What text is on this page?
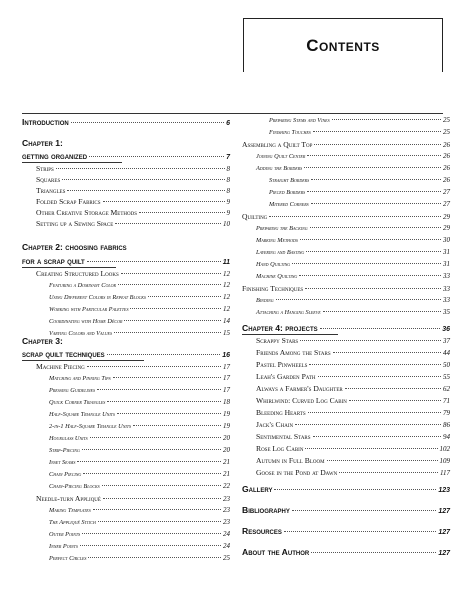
Contents
Introduction	6
Chapter 1:
getting organized	7
Strips	8
Squares	8
Triangles	8
Folded Scrap Fabrics	9
Other Creative Storage Methods	9
Setting up a Sewing Space	10
Chapter 2: choosing fabrics
for a scrap quilt	11
Creating Structured Looks	12
Featuring a Dominant Color	12
Using Different Colors in Repeat Blocks	12
Working with Particular Palettes	12
Coordinating with Home Décor	14
Varying Colors and Values	15
Chapter 3:
scrap quilt techniques	16
Machine Piecing	17
Matching and Pinning Tips	17
Pressing Guidelines	17
Quick Corner Triangles	18
Half-Square Triangle Units	19
2-in-1 Half-Square Triangle Units	19
Hourglass Units	20
Strip-Piecing	20
Inset Seams	21
Chain Piecing	21
Chain-Piecing Blocks	22
Needle-turn Appliqué	23
Making Templates	23
The Appliqué Stitch	23
Outer Points	24
Inner Points	24
Perfect Circles	25
Preparing Stems and Vines	25
Finishing Touches	25
Assembling a Quilt Top	26
Joining Quilt Center	26
Adding the Borders	26
Straight Borders	26
Pieced Borders	27
Mitered Corners	27
Quilting	29
Preparing the Backing	29
Marking Methods	30
Layering and Basting	31
Hand Quilting	31
Machine Quilting	33
Finishing Techniques	33
Binding	33
Attaching a Hanging Sleeve	35
Chapter 4: projects	36
Scrappy Stars	37
Friends Among the Stars	44
Pastel Pinwheels	50
Leah's Garden Path	55
Always a Farmer's Daughter	62
Whirlwind: Curved Log Cabin	71
Bleeding Hearts	79
Jack's Chain	86
Sentimental Stars	94
Rose Log Cabin	102
Autumn in Full Bloom	109
Goose in the Pond at Dawn	117
Gallery	123
Bibliography	127
Resources	127
About the Author	127
